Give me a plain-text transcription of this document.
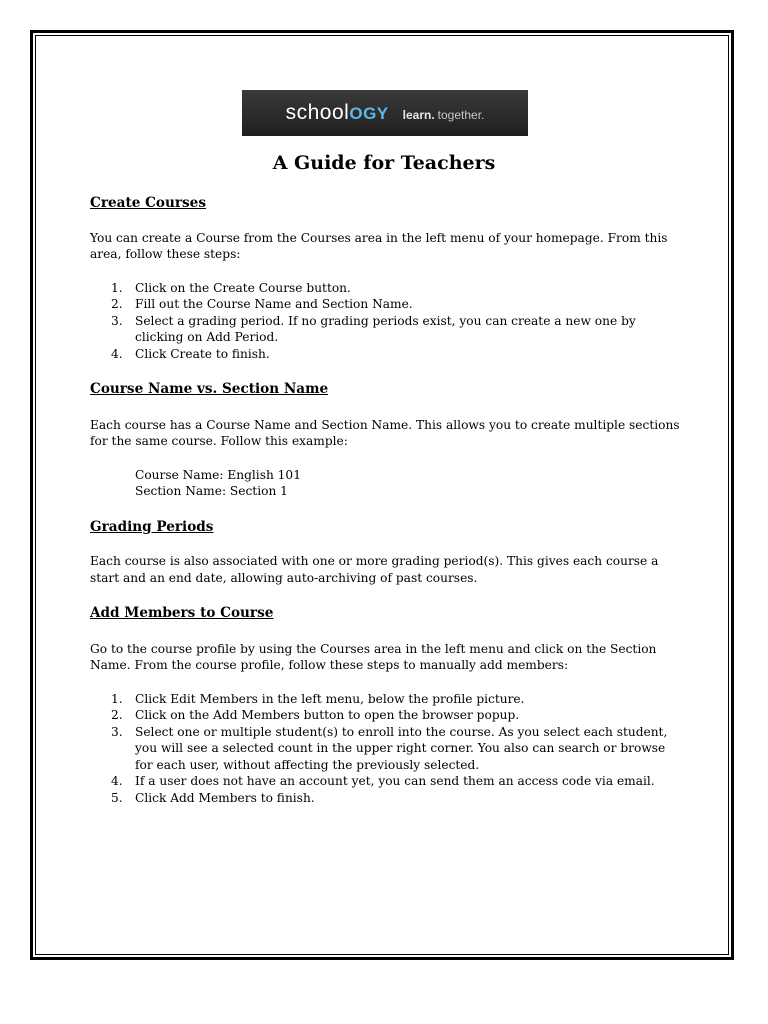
schoolOGY learn. together.
A Guide for Teachers
Create Courses

You can create a Course from the Courses area in the left menu of your homepage. From this area, follow these steps:

1. Click on the Create Course button.
2. Fill out the Course Name and Section Name.
3. Select a grading period. If no grading periods exist, you can create a new one by clicking on Add Period.
4. Click Create to finish.
Course Name vs. Section Name

Each course has a Course Name and Section Name. This allows you to create multiple sections for the same course. Follow this example:

Course Name: English 101

Section Name: Section 1

Grading Periods

Each course is also associated with one or more grading period(s). This gives each course a start and an end date, allowing auto-archiving of past courses.

Add Members to Course

Go to the course profile by using the Courses area in the left menu and click on the Section Name. From the course profile, follow these steps to manually add members:

1. Click Edit Members in the left menu, below the profile picture.
2. Click on the Add Members button to open the browser popup.
3. Select one or multiple student(s) to enroll into the course. As you select each student, you will see a selected count in the upper right corner. You also can search or browse for each user, without affecting the previously selected.
4. If a user does not have an account yet, you can send them an access code via email.
5. Click Add Members to finish.
